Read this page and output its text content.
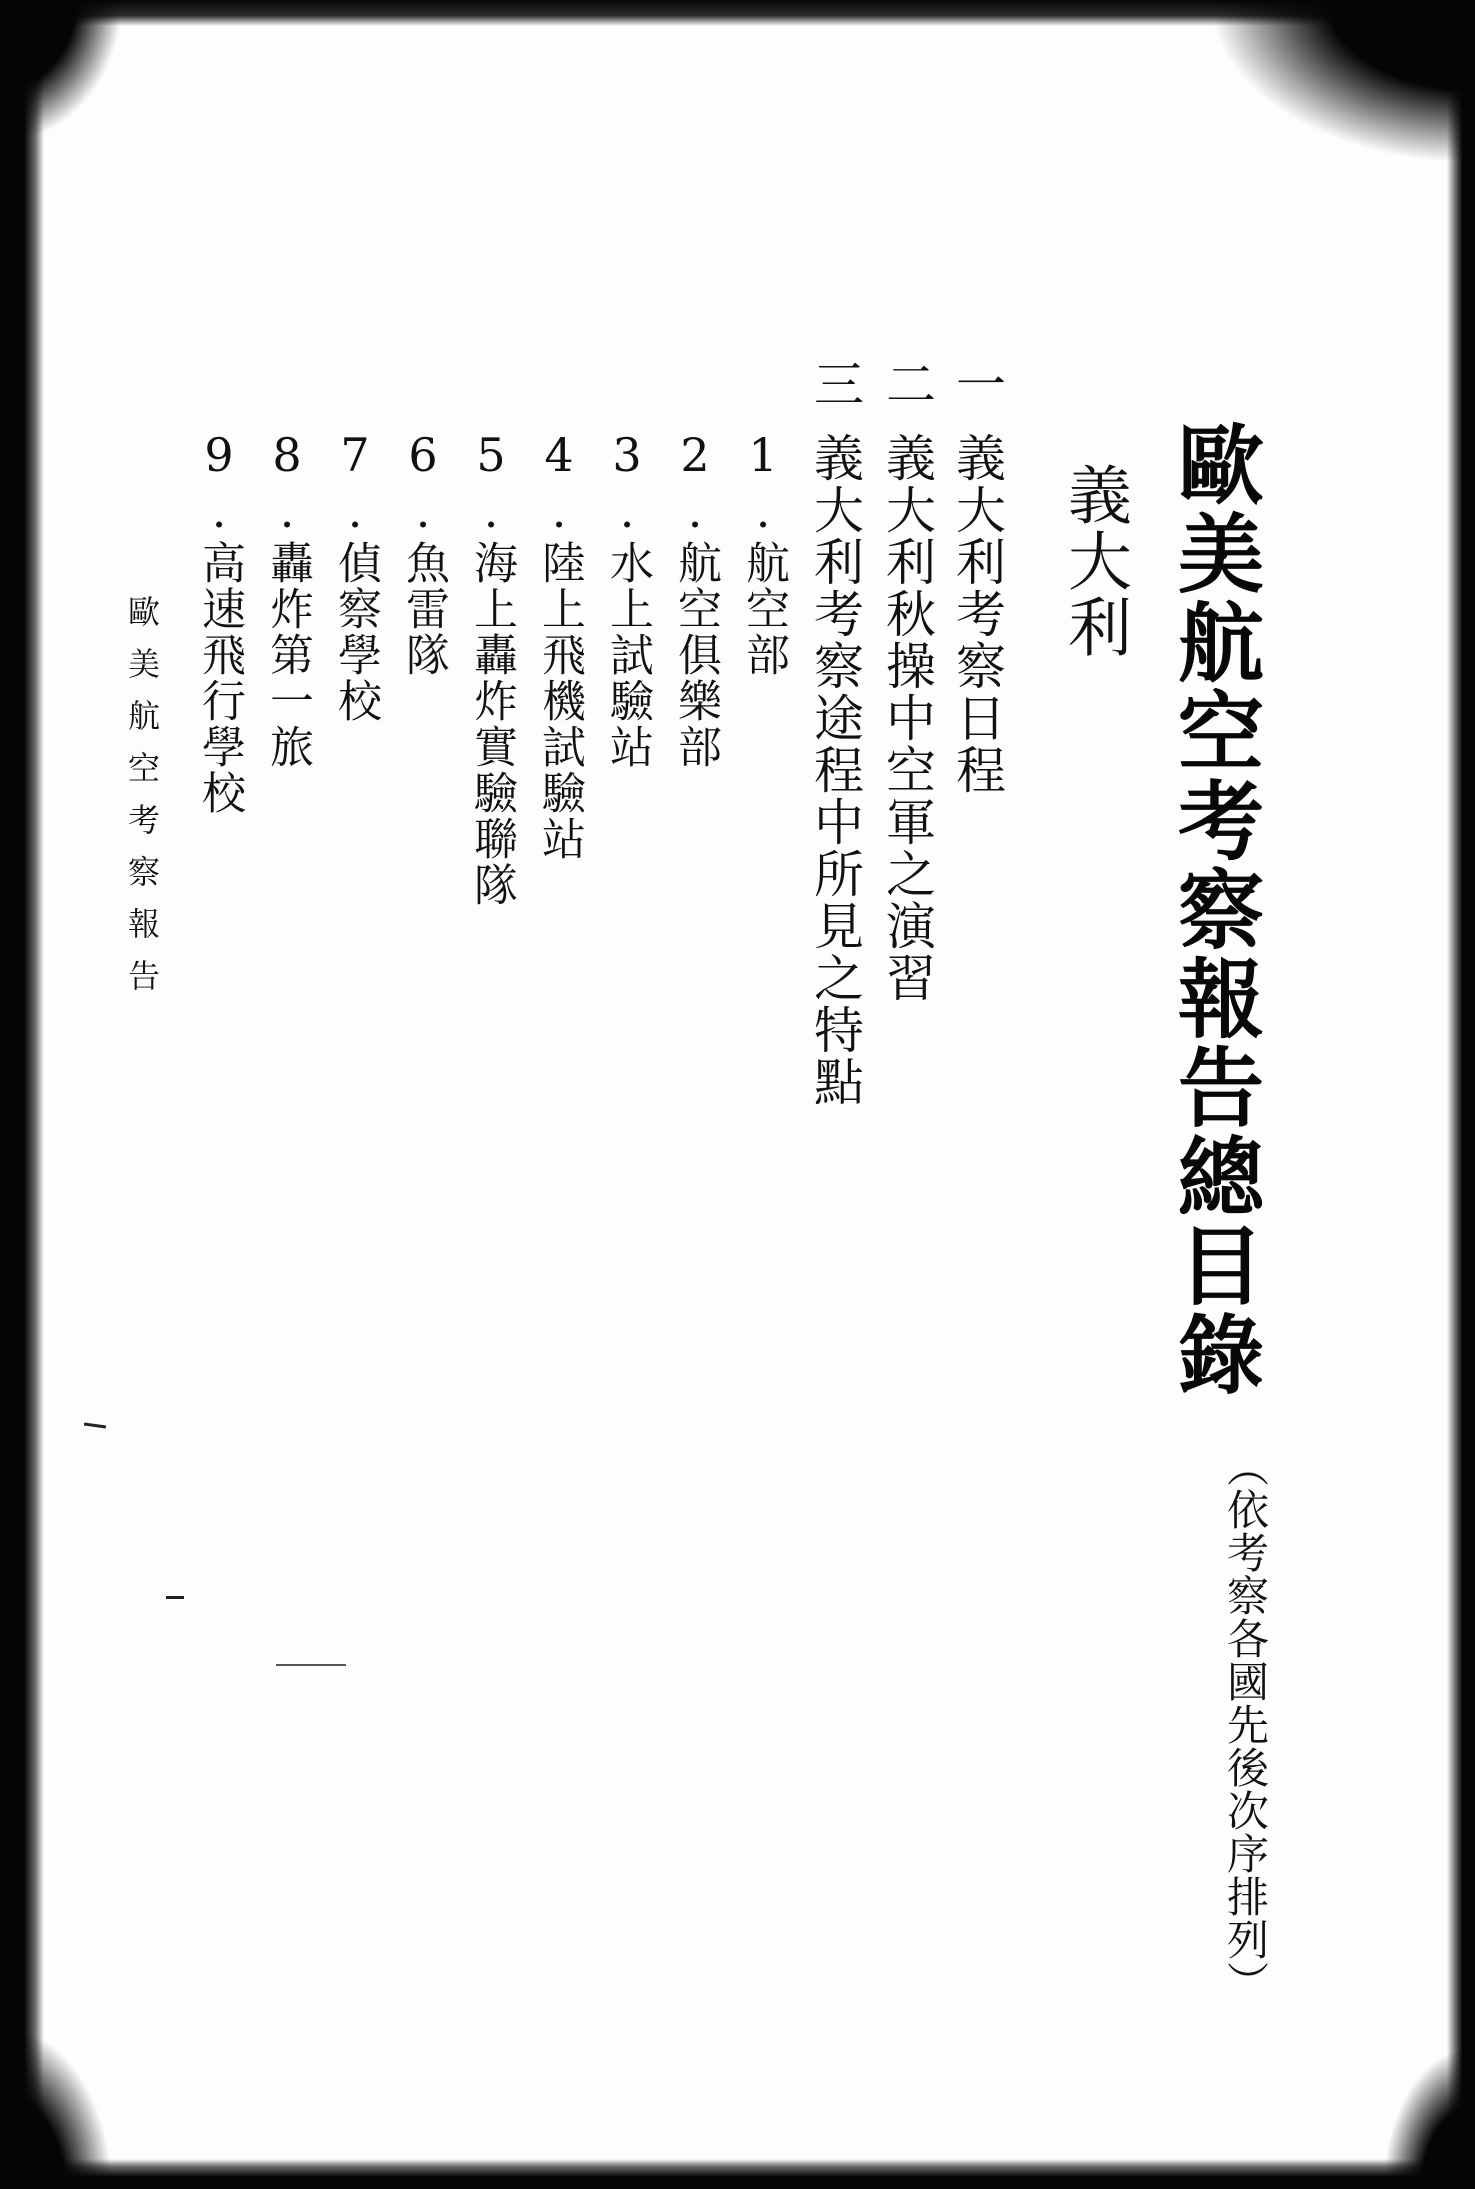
歐美航空考察報告總目錄
（依考察各國先後次序排列）
義大利
一
義大利考察日程
二
義大利秋操中空軍之演習
三
義大利考察途程中所見之特點
1.航空部
2.航空俱樂部
3.水上試驗站
4.陸上飛機試驗站
5.海上轟炸實驗聯隊
6.魚雷隊
7.偵察學校
8.轟炸第一旅
9.高速飛行學校
歐美航空考察報告
